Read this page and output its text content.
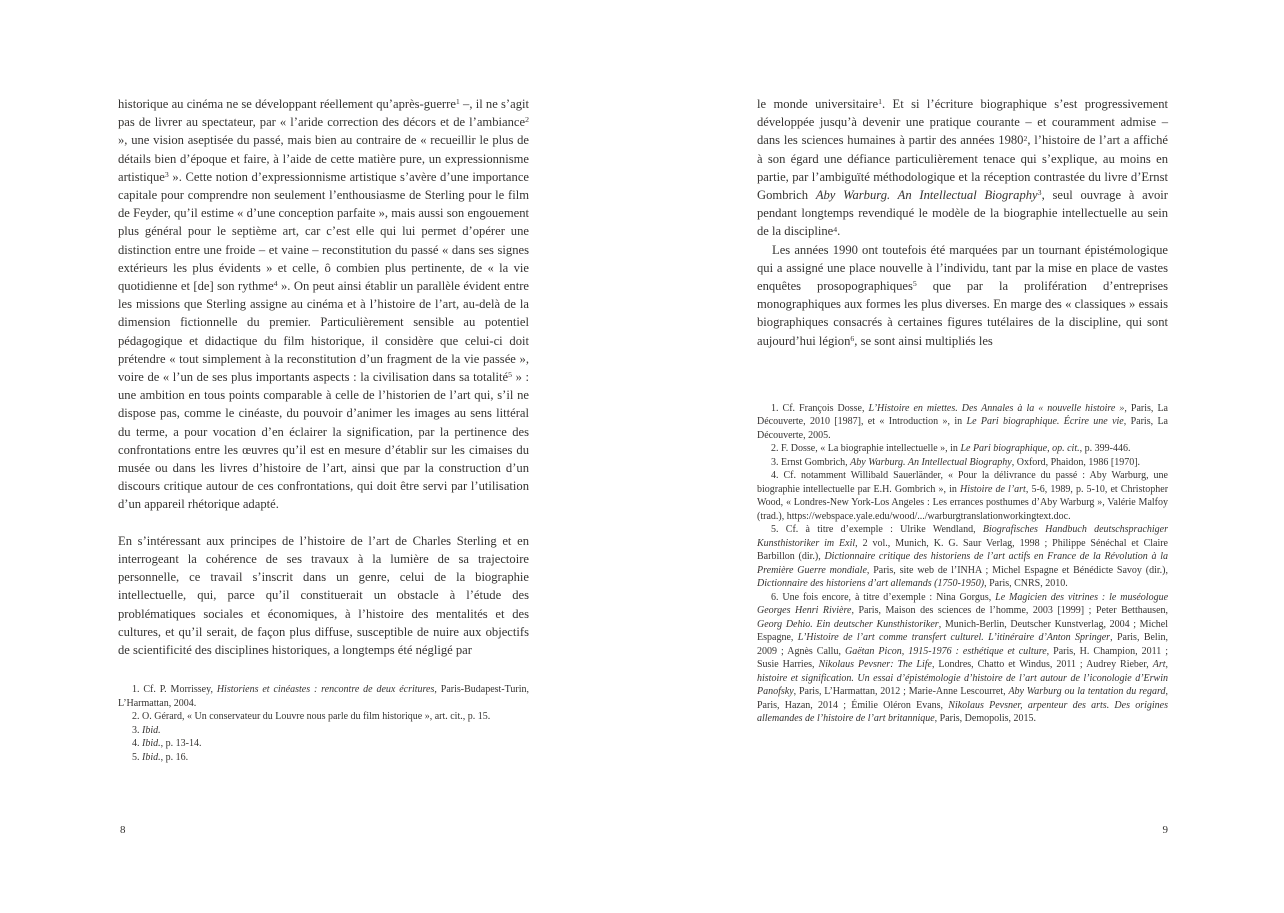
historique au cinéma ne se développant réellement qu’après-guerre$^1$ –, il ne s’agit pas de livrer au spectateur, par « l’aride correction des décors et de l’ambiance$^2$ », une vision aseptisée du passé, mais bien au contraire de « recueillir le plus de détails bien d’époque et faire, à l’aide de cette matière pure, un expressionnisme artistique$^3$ ». Cette notion d’expressionnisme artistique s’avère d’une importance capitale pour comprendre non seulement l’enthousiasme de Sterling pour le film de Feyder, qu’il estime « d’une conception parfaite », mais aussi son engouement plus général pour le septième art, car c’est elle qui lui permet d’opérer une distinction entre une froide – et vaine – reconstitution du passé « dans ses signes extérieurs les plus évidents » et celle, ô combien plus pertinente, de « la vie quotidienne et [de] son rythme$^4$ ». On peut ainsi établir un parallèle évident entre les missions que Sterling assigne au cinéma et à l’histoire de l’art, au-delà de la dimension fictionnelle du premier. Particulièrement sensible au potentiel pédagogique et didactique du film historique, il considère que celui-ci doit prétendre « tout simplement à la reconstitution d’un fragment de la vie passée », voire de « l’un de ses plus importants aspects : la civilisation dans sa totalité$^5$ » : une ambition en tous points comparable à celle de l’historien de l’art qui, s’il ne dispose pas, comme le cinéaste, du pouvoir d’animer les images au sens littéral du terme, a pour vocation d’en éclairer la signification, par la pertinence des confrontations entre les œuvres qu’il est en mesure d’établir sur les cimaises du musée ou dans les livres d’histoire de l’art, ainsi que par la construction d’un discours critique autour de ces confrontations, qui doit être servi par l’utilisation d’un appareil rhétorique adapté.

En s’intéressant aux principes de l’histoire de l’art de Charles Sterling et en interrogeant la cohérence de ses travaux à la lumière de sa trajectoire personnelle, ce travail s’inscrit dans un genre, celui de la biographie intellectuelle, qui, parce qu’il constituerait un obstacle à l’étude des problématiques sociales et économiques, à l’histoire des mentalités et des cultures, et qu’il serait, de façon plus diffuse, susceptible de nuire aux objectifs de scientificité des disciplines historiques, a longtemps été négligé par

1. Cf. P. Morrissey, Historiens et cinéastes : rencontre de deux écritures, Paris-Budapest-Turin, L’Harmattan, 2004.

2. O. Gérard, « Un conservateur du Louvre nous parle du film historique », art. cit., p. 15.

3. Ibid.

4. Ibid., p. 13-14.

5. Ibid., p. 16.

le monde universitaire$^1$. Et si l’écriture biographique s’est progressivement développée jusqu’à devenir une pratique courante – et couramment admise – dans les sciences humaines à partir des années 1980$^2$, l’histoire de l’art a affiché à son égard une défiance particulièrement tenace qui s’explique, au moins en partie, par l’ambiguïté méthodologique et la réception contrastée du livre d’Ernst Gombrich Aby Warburg. An Intellectual Biography$^3$, seul ouvrage à avoir pendant longtemps revendiqué le modèle de la biographie intellectuelle au sein de la discipline$^4$.

Les années 1990 ont toutefois été marquées par un tournant épistémologique qui a assigné une place nouvelle à l’individu, tant par la mise en place de vastes enquêtes prosopographiques$^5$ que par la prolifération d’entreprises monographiques aux formes les plus diverses. En marge des « classiques » essais biographiques consacrés à certaines figures tutélaires de la discipline, qui sont aujourd’hui légion$^6$, se sont ainsi multipliés les

1. Cf. François Dosse, L’Histoire en miettes. Des Annales à la « nouvelle histoire », Paris, La Découverte, 2010 [1987], et « Introduction », in Le Pari biographique. Écrire une vie, Paris, La Découverte, 2005.

2. F. Dosse, « La biographie intellectuelle », in Le Pari biographique, op. cit., p. 399-446.

3. Ernst Gombrich, Aby Warburg. An Intellectual Biography, Oxford, Phaidon, 1986 [1970].

4. Cf. notamment Willibald Sauerländer, « Pour la délivrance du passé : Aby Warburg, une biographie intellectuelle par E.H. Gombrich », in Histoire de l’art, 5-6, 1989, p. 5-10, et Christopher Wood, « Londres-New York-Los Angeles : Les errances posthumes d’Aby Warburg », Valérie Malfoy (trad.), https://webspace.yale.edu/wood/.../warburgtranslationworkingtext.doc.

5. Cf. à titre d’exemple : Ulrike Wendland, Biografisches Handbuch deutschsprachiger Kunsthistoriker im Exil, 2 vol., Munich, K. G. Saur Verlag, 1998 ; Philippe Sénéchal et Claire Barbillon (dir.), Dictionnaire critique des historiens de l’art actifs en France de la Révolution à la Première Guerre mondiale, Paris, site web de l’INHA ; Michel Espagne et Bénédicte Savoy (dir.), Dictionnaire des historiens d’art allemands (1750-1950), Paris, CNRS, 2010.

6. Une fois encore, à titre d’exemple : Nina Gorgus, Le Magicien des vitrines : le muséologue Georges Henri Rivière, Paris, Maison des sciences de l’homme, 2003 [1999] ; Peter Betthausen, Georg Dehio. Ein deutscher Kunsthistoriker, Munich-Berlin, Deutscher Kunstverlag, 2004 ; Michel Espagne, L’Histoire de l’art comme transfert culturel. L’itinéraire d’Anton Springer, Paris, Belin, 2009 ; Agnès Callu, Gaëtan Picon, 1915-1976 : esthétique et culture, Paris, H. Champion, 2011 ; Susie Harries, Nikolaus Pevsner: The Life, Londres, Chatto et Windus, 2011 ; Audrey Rieber, Art, histoire et signification. Un essai d’épistémologie d’histoire de l’art autour de l’iconologie d’Erwin Panofsky, Paris, L’Harmattan, 2012 ; Marie-Anne Lescourret, Aby Warburg ou la tentation du regard, Paris, Hazan, 2014 ; Émilie Oléron Evans, Nikolaus Pevsner, arpenteur des arts. Des origines allemandes de l’histoire de l’art britannique, Paris, Demopolis, 2015.

8	9
